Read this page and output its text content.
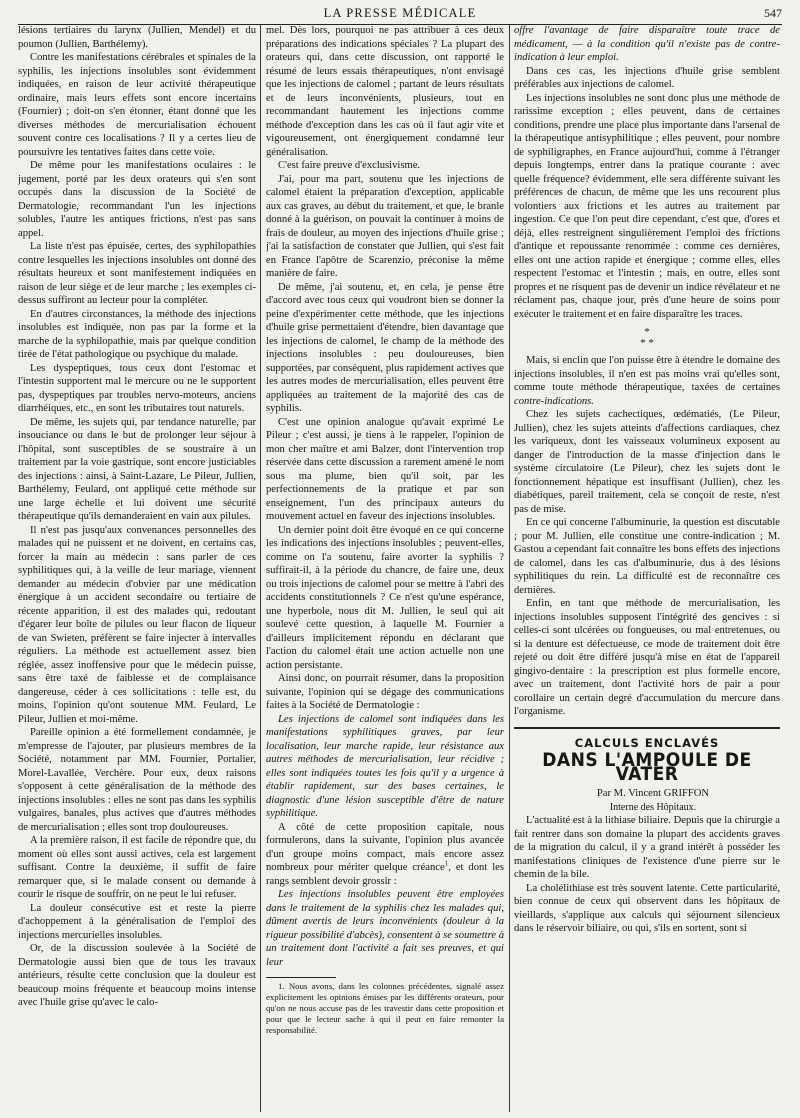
LA PRESSE MÉDICALE	547

lésions tertiaires du larynx (Jullien, Mendel) et du poumon (Jullien, Barthélemy).

Contre les manifestations cérébrales et spinales de la syphilis, les injections insolubles sont évidemment indiquées, en raison de leur activité thérapeutique ordinaire, mais leurs effets sont encore incertains (Fournier) ; doit-on s'en étonner, étant donné que les diverses méthodes de mercurialisation échouent souvent contre ces localisations ? Il y a certes lieu de poursuivre les tentatives faites dans cette voie.

De même pour les manifestations oculaires : le jugement, porté par les deux orateurs qui s'en sont occupés dans la discussion de la Société de Dermatologie, recommandant l'un les injections solubles, l'autre les antiques frictions, n'est pas sans appel.

La liste n'est pas épuisée, certes, des syphilopathies contre lesquelles les injections insolubles ont donné des résultats heureux et sont manifestement indiquées en raison de leur siège et de leur marche ; les exemples ci-dessus suffiront au lecteur pour la compléter.

En d'autres circonstances, la méthode des injections insolubles est indiquée, non pas par la forme et la marche de la syphilopathie, mais par quelque condition tirée de l'état pathologique ou psychique du malade.

Les dyspeptiques, tous ceux dont l'estomac et l'intestin supportent mal le mercure ou ne le supportent pas, dyspeptiques par troubles nervo-moteurs, anciens diarrhéiques, etc., en sont les tributaires tout naturels.

De même, les sujets qui, par tendance naturelle, par insouciance ou dans le but de prolonger leur séjour à l'hôpital, sont susceptibles de se soustraire à un traitement par la voie gastrique, sont encore justiciables des injections : ainsi, à Saint-Lazare, Le Pileur, Jullien, Barthélemy, Feulard, ont appliqué cette méthode sur une large échelle et lui doivent une sécurité thérapeutique qu'ils demanderaient en vain aux pilules.

Il n'est pas jusqu'aux convenances personnelles des malades qui ne puissent et ne doivent, en certains cas, forcer la main au médecin : sans parler de ces syphilitiques qui, à la veille de leur mariage, viennent demander au médecin d'obvier par une médication énergique à un accident secondaire ou tertiaire de récente apparition, il est des malades qui, redoutant d'égarer leur boîte de pilules ou leur flacon de liqueur de van Swieten, préfèrent se faire injecter à intervalles réguliers. La méthode est actuellement assez bien réglée, assez inoffensive pour que le médecin puisse, sans être taxé de faiblesse et de complaisance dangereuse, céder à ces sollicitations : telle est, du moins, l'opinion qu'ont soutenue MM. Feulard, Le Pileur, Jullien et moi-même.

Pareille opinion a été formellement condamnée, je m'empresse de l'ajouter, par plusieurs membres de la Société, notamment par MM. Fournier, Portalier, Morel-Lavallée, Verchère. Pour eux, deux raisons s'opposent à cette généralisation de la méthode des injections insolubles : elles ne sont pas dans les syphilis vulgaires, banales, plus actives que d'autres méthodes de mercurialisation ; elles sont trop douloureuses.

A la première raison, il est facile de répondre que, du moment où elles sont aussi actives, cela est largement suffisant. Contre la deuxième, il suffit de faire remarquer que, si le malade consent ou demande à courir le risque de souffrir, on ne peut le lui refuser.

La douleur consécutive est et reste la pierre d'achoppement à la généralisation de l'emploi des injections mercurielles insolubles.

Or, de la discussion soulevée à la Société de Dermatologie aussi bien que de tous les travaux antérieurs, résulte cette conclusion que la douleur est beaucoup moins fréquente et beaucoup moins intense avec l'huile grise qu'avec le calo-

mel. Dès lors, pourquoi ne pas attribuer à ces deux préparations des indications spéciales ? La plupart des orateurs qui, dans cette discussion, ont rapporté le résumé de leurs essais thérapeutiques, n'ont envisagé que les injections de calomel ; partant de leurs résultats et de leurs inconvénients, plusieurs, tout en recommandant hautement les injections comme méthode d'exception dans les cas où il faut agir vite et vigoureusement, ont énergiquement condamné leur généralisation.

C'est faire preuve d'exclusivisme.

J'ai, pour ma part, soutenu que les injections de calomel étaient la préparation d'exception, applicable aux cas graves, au début du traitement, et que, le branle donné à la guérison, on pouvait la continuer à moins de frais de douleur, au moyen des injections d'huile grise ; j'ai la satisfaction de constater que Jullien, qui s'est fait en France l'apôtre de Scarenzio, préconise la même manière de faire.

De même, j'ai soutenu, et, en cela, je pense être d'accord avec tous ceux qui voudront bien se donner la peine d'expérimenter cette méthode, que les injections d'huile grise permettaient d'étendre, bien davantage que les injections de calomel, le champ de la méthode des injections insolubles : peu douloureuses, bien supportées, par conséquent, plus rapidement actives que les autres modes de mercurialisation, elles peuvent être appliquées au traitement de la majorité des cas de syphilis.

C'est une opinion analogue qu'avait exprimé Le Pileur ; c'est aussi, je tiens à le rappeler, l'opinion de mon cher maître et ami Balzer, dont l'intervention trop réservée dans cette discussion a rarement amené le nom sous ma plume, bien qu'il soit, par les perfectionnements de la pratique et par son enseignement, l'un des principaux auteurs du mouvement actuel en faveur des injections insolubles.

Un dernier point doit être évoqué en ce qui concerne les indications des injections insolubles ; peuvent-elles, comme on l'a soutenu, faire avorter la syphilis ? suffirait-il, à la période du chancre, de faire une, deux ou trois injections de calomel pour se mettre à l'abri des accidents constitutionnels ? Ce n'est qu'une espérance, une hyperbole, nous dit M. Jullien, le seul qui ait soulevé cette question, à laquelle M. Fournier a d'ailleurs implicitement répondu en déclarant que l'action du calomel était une action actuelle non une action persistante.

Ainsi donc, on pourrait résumer, dans la proposition suivante, l'opinion qui se dégage des communications faites à la Société de Dermatologie :

Les injections de calomel sont indiquées dans les manifestations syphilitiques graves, par leur localisation, leur marche rapide, leur résistance aux autres méthodes de mercurialisation, leur récidive ; elles sont indiquées toutes les fois qu'il y a urgence à établir rapidement, sur des bases certaines, le diagnostic d'une lésion susceptible d'être de nature syphilitique.

A côté de cette proposition capitale, nous formulerons, dans la suivante, l'opinion plus avancée d'un groupe moins compact, mais encore assez nombreux pour mériter quelque créance$^1$, et dont les rangs semblent devoir grossir :

Les injections insolubles peuvent être employées dans le traitement de la syphilis chez les malades qui, dûment avertis de leurs inconvénients (douleur à la rigueur possibilité d'abcès), consentent à se soumettre à un traitement dont l'activité a fait ses preuves, et qui leur

1. Nous avons, dans les colonnes précédentes, signalé assez explicitement les opinions émises par les différents orateurs, pour qu'on ne nous accuse pas de les travestir dans cette proposition et pour que le lecteur sache à qui il peut en faire remonter la responsabilité.

offre l'avantage de faire disparaître toute trace de médicament, — à la condition qu'il n'existe pas de contre-indication à leur emploi.

Dans ces cas, les injections d'huile grise semblent préférables aux injections de calomel.

Les injections insolubles ne sont donc plus une méthode de rarissime exception ; elles peuvent, dans de certaines conditions, prendre une place plus importante dans l'arsenal de la thérapeutique antisyphilitique ; elles peuvent, pour nombre de syphiligraphes, en France aujourd'hui, comme à l'étranger depuis longtemps, entrer dans la pratique courante : avec quelle fréquence? évidemment, elle sera différente suivant les préférences de chacun, de même que les uns recourent plus volontiers aux frictions et les autres au traitement par ingestion. Ce que l'on peut dire cependant, c'est que, d'ores et déjà, elles restreignent singulièrement l'emploi des frictions d'antique et repoussante renommée : comme ces dernières, elles ont une action rapide et énergique ; comme elles, elles respectent l'estomac et l'intestin ; mais, en outre, elles sont propres et ne risquent pas de devenir un indice révélateur et ne réclament pas, chaque jour, près d'une heure de soins pour exécuter le traitement et en faire disparaître les traces.

*
* *

Mais, si enclin que l'on puisse être à étendre le domaine des injections insolubles, il n'en est pas moins vrai qu'elles sont, comme toute méthode thérapeutique, taxées de certaines contre-indications.

Chez les sujets cachectiques, œdématiés, (Le Pileur, Jullien), chez les sujets atteints d'affections cardiaques, chez les variqueux, dont les vaisseaux volumineux exposent au danger de l'introduction de la masse d'injection dans le système circulatoire (Le Pileur), chez les sujets dont le fonctionnement hépatique est insuffisant (Jullien), chez les diabétiques, pareil traitement, cela se conçoit de reste, n'est pas de mise.

En ce qui concerne l'albuminurie, la question est discutable ; pour M. Jullien, elle constitue une contre-indication ; M. Gastou a cependant fait connaître les bons effets des injections de calomel, dans les cas d'albuminurie, dus à des lésions syphilitiques du rein. La difficulté est de reconnaître ces dernières.

Enfin, en tant que méthode de mercurialisation, les injections insolubles supposent l'intégrité des gencives : si celles-ci sont ulcérées ou fongueuses, ou mal entretenues, ou si la denture est défectueuse, ce mode de traitement doit être rejeté ou doit être différé jusqu'à mise en état de l'appareil gingivo-dentaire : la prescription est plus formelle encore, avec un traitement, dont l'activité hors de pair a pour corollaire un certain degré d'accumulation du mercure dans l'organisme.

CALCULS ENCLAVÉS
DANS L'AMPOULE DE VATER

Par M. Vincent GRIFFON

Interne des Hôpitaux.

L'actualité est à la lithiase biliaire. Depuis que la chirurgie a fait rentrer dans son domaine la plupart des accidents graves de la migration du calcul, il y a grand intérêt à posséder les manifestations cliniques de l'existence d'une pierre sur le chemin de la bile.

La cholélithiase est très souvent latente. Cette particularité, bien connue de ceux qui observent dans les hôpitaux de vieillards, s'applique aux calculs qui séjournent silencieux dans le réservoir biliaire, ou qui, s'ils en sortent, sont si
